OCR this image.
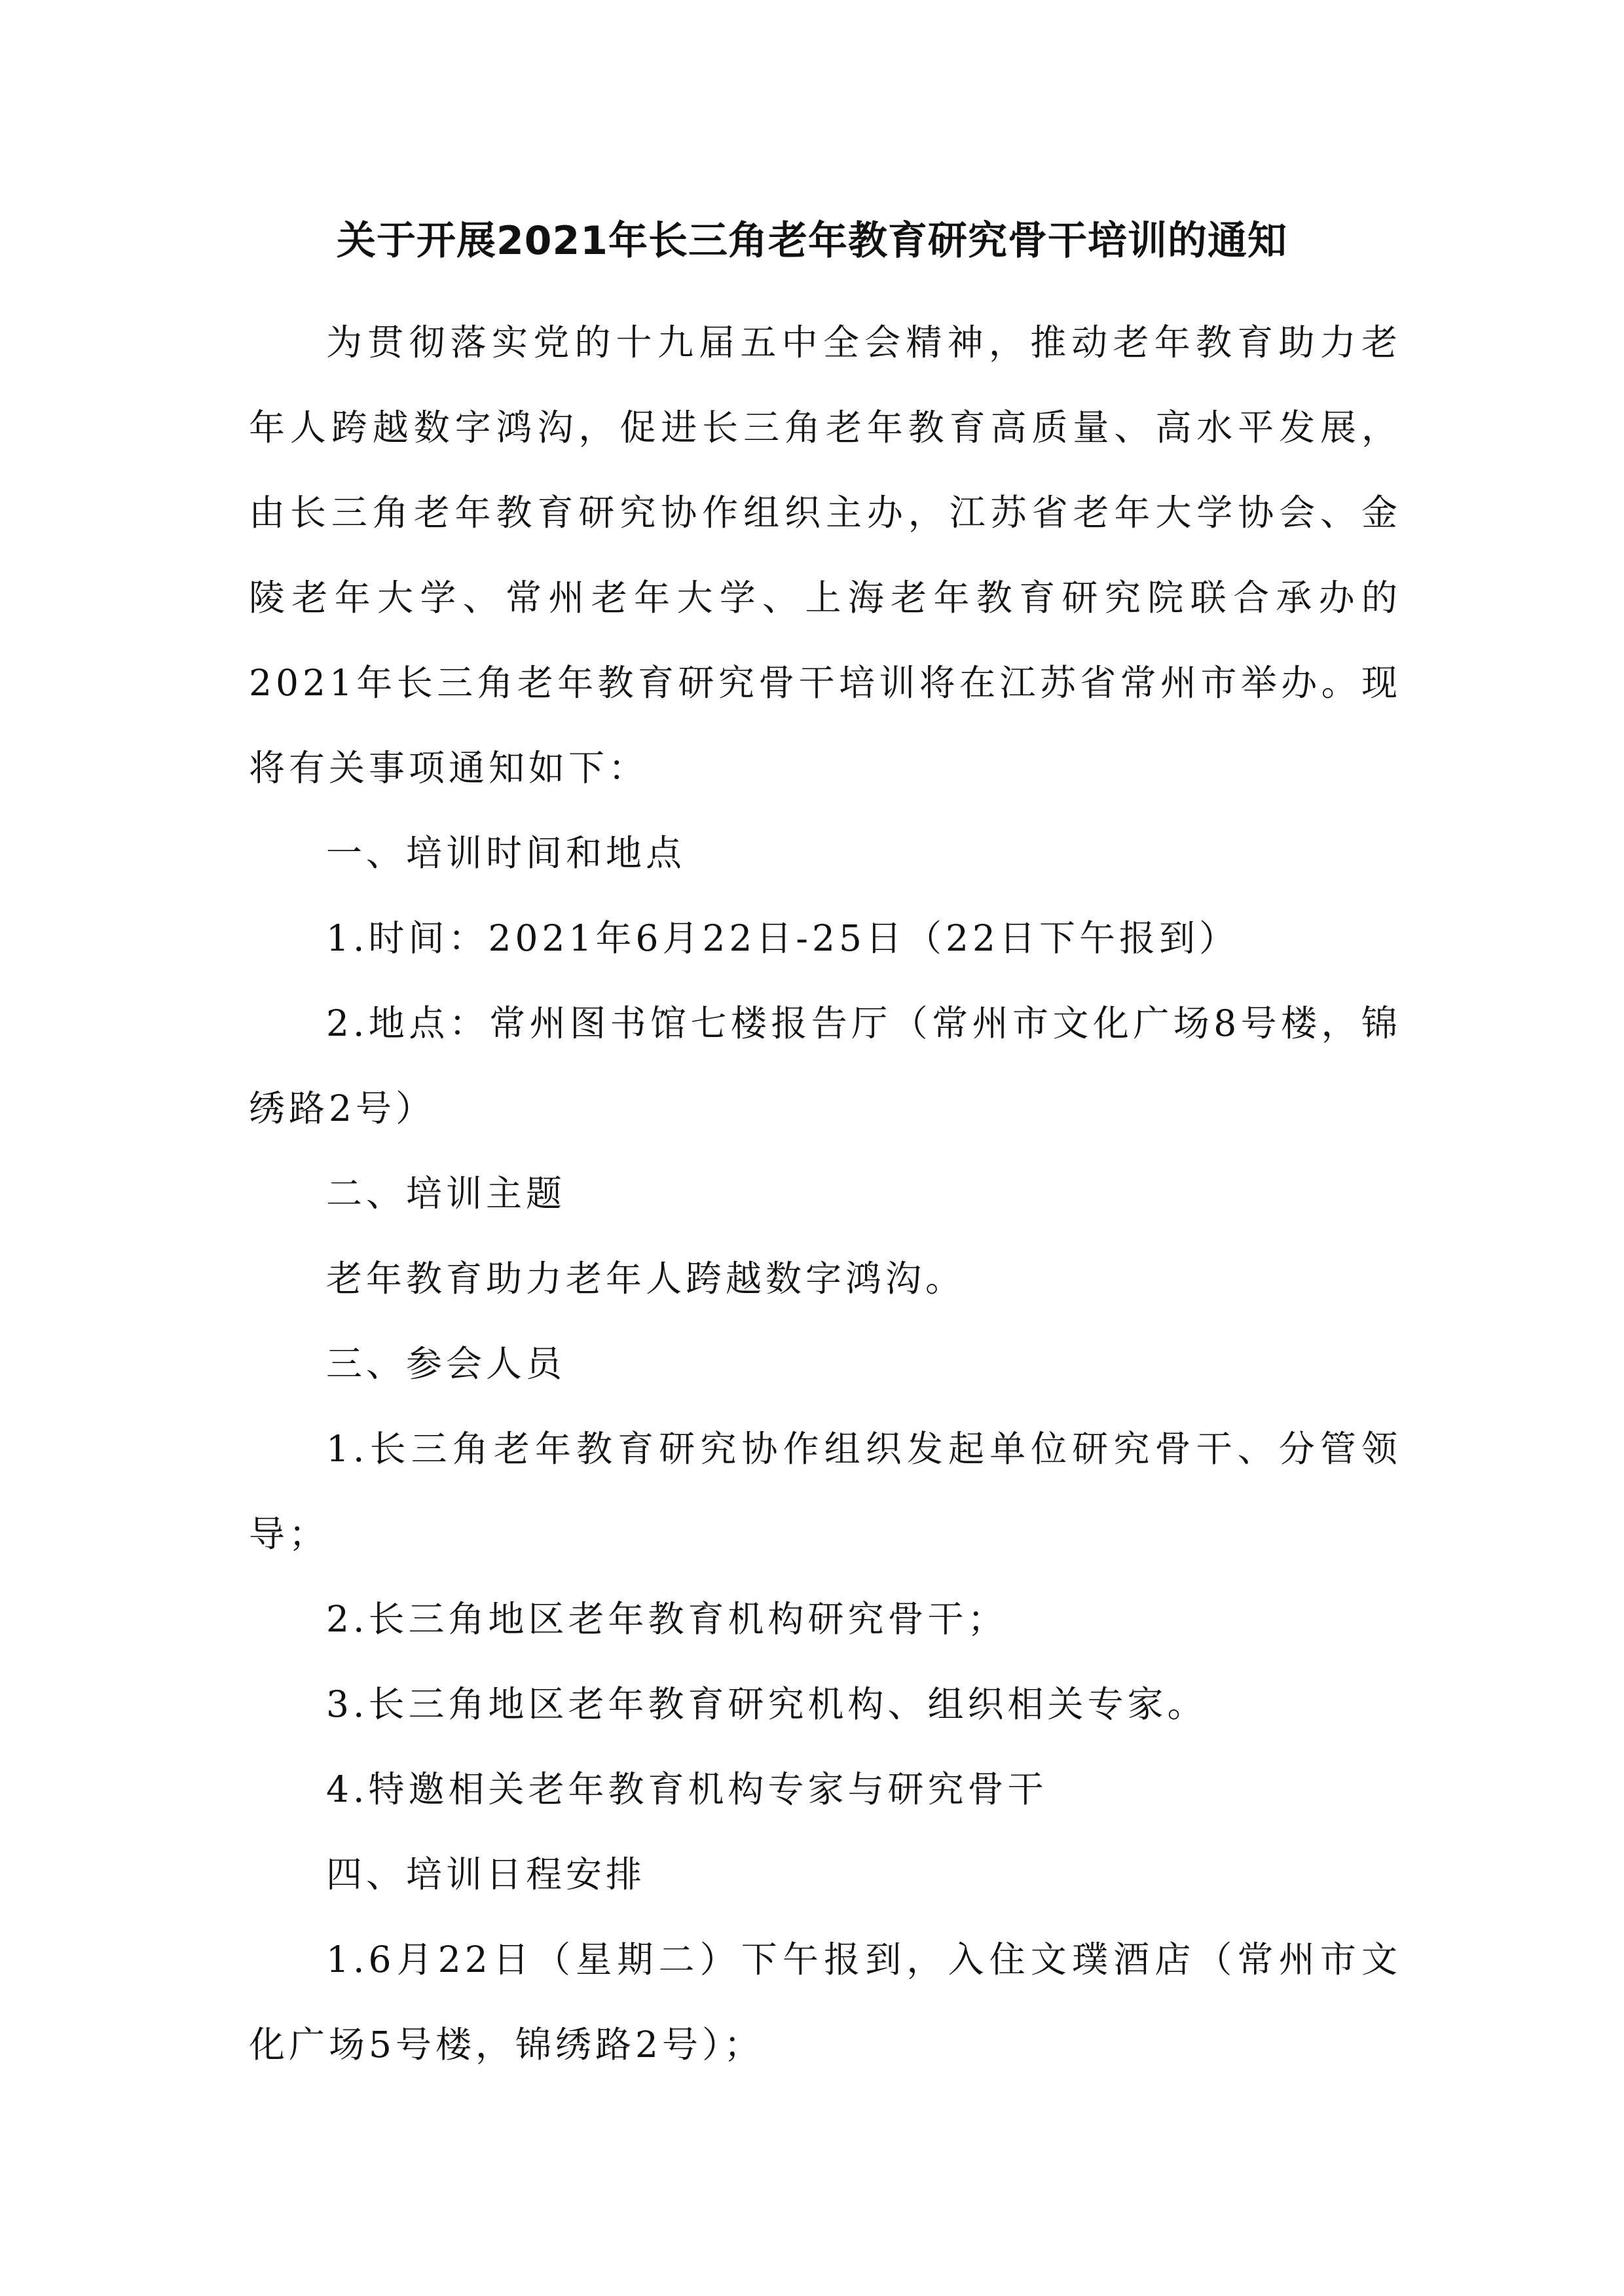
关于开展2021年长三角老年教育研究骨干培训的通知

为贯彻落实党的十九届五中全会精神，推动老年教育助力老年人跨越数字鸿沟，促进长三角老年教育高质量、高水平发展，由长三角老年教育研究协作组织主办，江苏省老年大学协会、金陵老年大学、常州老年大学、上海老年教育研究院联合承办的2021年长三角老年教育研究骨干培训将在江苏省常州市举办。现将有关事项通知如下：

一、培训时间和地点

1.时间：2021年6月22日-25日（22日下午报到）

2.地点：常州图书馆七楼报告厅（常州市文化广场8号楼，锦绣路2号）

二、培训主题

老年教育助力老年人跨越数字鸿沟。

三、参会人员

1.长三角老年教育研究协作组织发起单位研究骨干、分管领导；

2.长三角地区老年教育机构研究骨干；

3.长三角地区老年教育研究机构、组织相关专家。

4.特邀相关老年教育机构专家与研究骨干

四、培训日程安排

1.6月22日（星期二）下午报到，入住文璞酒店（常州市文化广场5号楼，锦绣路2号）；
